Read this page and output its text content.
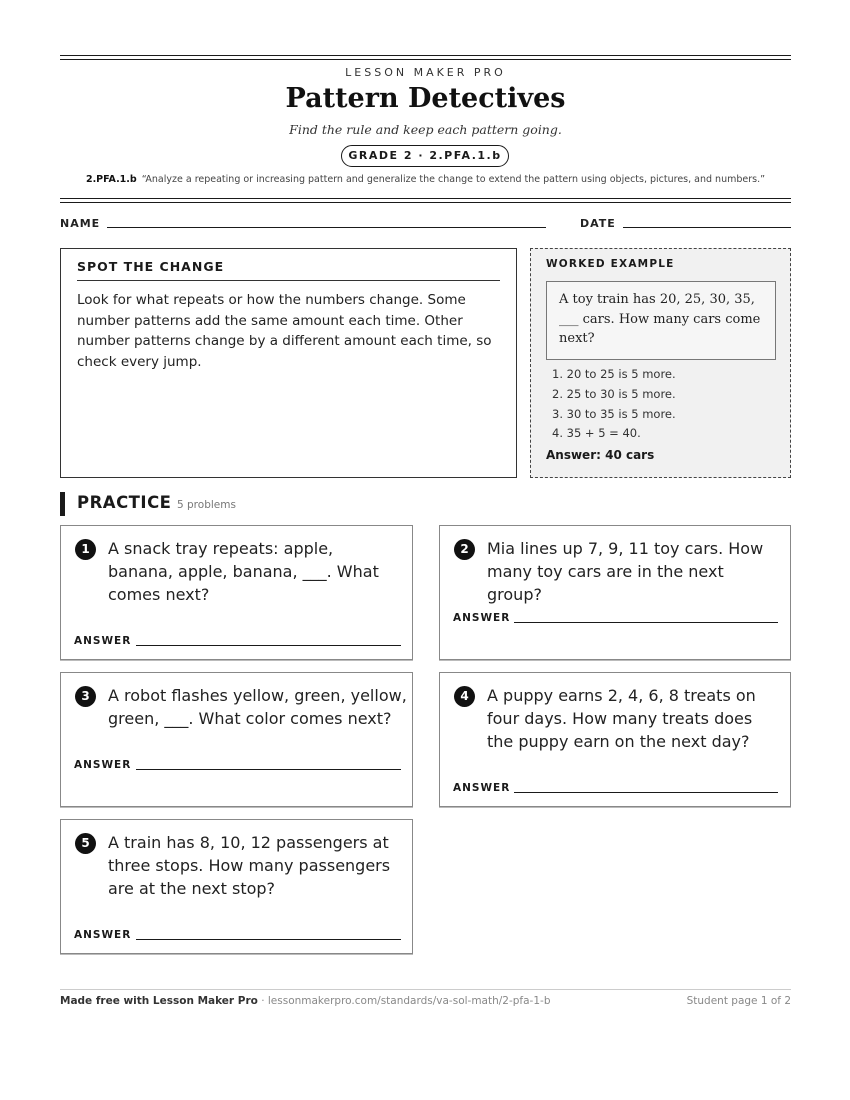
LESSON MAKER PRO
Pattern Detectives
Find the rule and keep each pattern going.
GRADE 2 · 2.PFA.1.b
2.PFA.1.b “Analyze a repeating or increasing pattern and generalize the change to extend the pattern using objects, pictures, and numbers.”
NAME	DATE
SPOT THE CHANGE
Look for what repeats or how the numbers change. Some number patterns add the same amount each time. Other number patterns change by a different amount each time, so check every jump.
WORKED EXAMPLE
A toy train has 20, 25, 30, 35, ___ cars. How many cars come next?
1. 20 to 25 is 5 more.
2. 25 to 30 is 5 more.
3. 30 to 35 is 5 more.
4. 35 + 5 = 40.
Answer: 40 cars
PRACTICE 5 problems
1	A snack tray repeats: apple, banana, apple, banana, ___. What comes next?
ANSWER
2	Mia lines up 7, 9, 11 toy cars. How many toy cars are in the next group?
ANSWER
3	A robot flashes yellow, green, yellow, green, ___. What color comes next?
ANSWER
4	A puppy earns 2, 4, 6, 8 treats on four days. How many treats does the puppy earn on the next day?
ANSWER
5	A train has 8, 10, 12 passengers at three stops. How many passengers are at the next stop?
ANSWER
Made free with Lesson Maker Pro · lessonmakerpro.com/standards/va-sol-math/2-pfa-1-b	Student page 1 of 2
